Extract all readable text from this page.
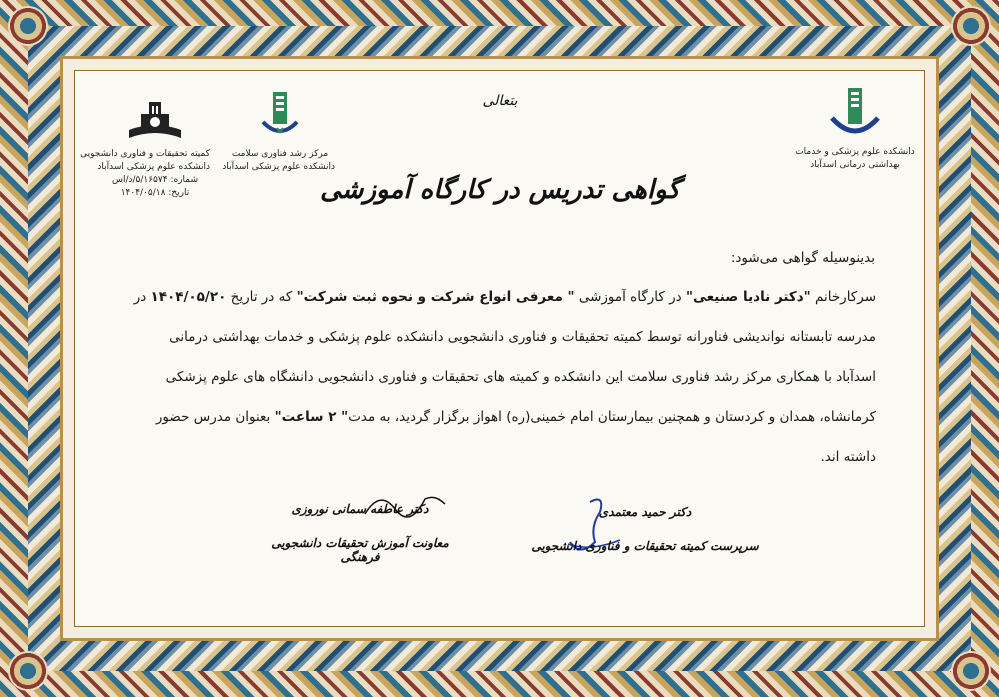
کمیته تحقیقات و فناوری دانشجویی
دانشکده علوم پزشکی اسدآباد
شماره: ۵/۱۶۵۷۴/د/اس
تاریخ: ۱۴۰۴/۰۵/۱۸
مرکز رشد فناوری سلامت
دانشکده علوم پزشکی اسدآباد
بتعالی
دانشکده علوم پزشکی و خدمات
بهداشتی درمانی اسدآباد
گواهی تدریس در کارگاه آموزشی
بدینوسیله گواهی می‌شود:
سرکارخانم "دکتر نادیا صنیعی" در کارگاه آموزشی " معرفی انواع شرکت و نحوه ثبت شرکت" که در تاریخ ۱۴۰۴/۰۵/۲۰ در
مدرسه تابستانه نواندیشی فناورانه توسط کمیته تحقیقات و فناوری دانشجویی دانشکده علوم پزشکی و خدمات بهداشتی درمانی
اسدآباد با همکاری مرکز رشد فناوری سلامت این دانشکده و کمیته های تحقیقات و فناوری دانشجویی دانشگاه های علوم پزشکی
کرمانشاه، همدان و کردستان و همچنین بیمارستان امام خمینی(ره) اهواز برگزار گردید، به مدت" ۲ ساعت" بعنوان مدرس حضور
داشته اند.
دکتر عاطفه سمانی نوروزی
معاونت آموزش تحقیقات دانشجویی فرهنگی
دکتر حمید معتمدی
سرپرست کمیته تحقیقات و فناوری دانشجویی
